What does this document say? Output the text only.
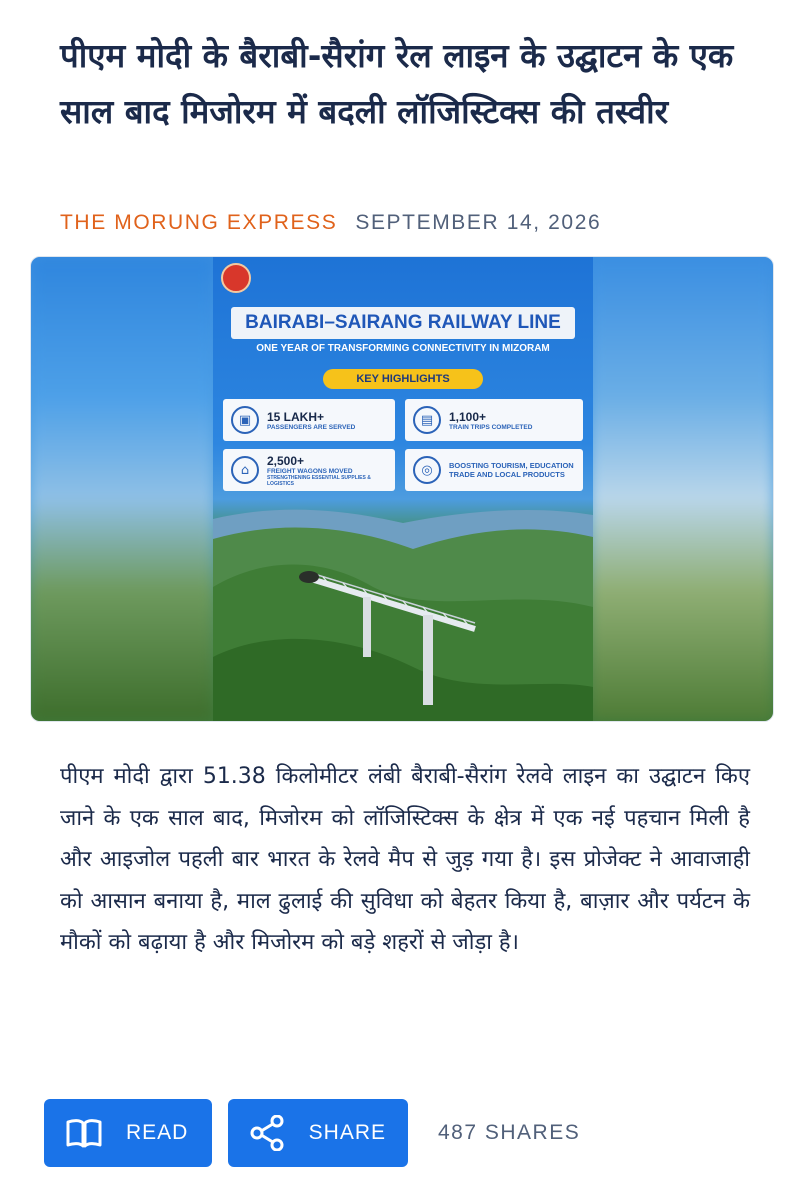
पीएम मोदी के बैराबी-सैरांग रेल लाइन के उद्घाटन के एक साल बाद मिजोरम में बदली लॉजिस्टिक्स की तस्वीर
THE MORUNG EXPRESS SEPTEMBER 14, 2026
BAIRABI–SAIRANG RAILWAY LINE
ONE YEAR OF TRANSFORMING CONNECTIVITY IN MIZORAM
KEY HIGHLIGHTS
▣	15 LAKH+
PASSENGERS ARE SERVED	▤	1,100+
TRAIN TRIPS COMPLETED
⌂
2,500+
FREIGHT WAGONS MOVED
STRENGTHENING ESSENTIAL SUPPLIES & LOGISTICS
◎	BOOSTING TOURISM, EDUCATION TRADE AND LOCAL PRODUCTS

पीएम मोदी द्वारा 51.38 किलोमीटर लंबी बैराबी-सैरांग रेलवे लाइन का उद्घाटन किए जाने के एक साल बाद, मिजोरम को लॉजिस्टिक्स के क्षेत्र में एक नई पहचान मिली है और आइजोल पहली बार भारत के रेलवे मैप से जुड़ गया है। इस प्रोजेक्ट ने आवाजाही को आसान बनाया है, माल ढुलाई की सुविधा को बेहतर किया है, बाज़ार और पर्यटन के मौकों को बढ़ाया है और मिजोरम को बड़े शहरों से जोड़ा है।

READ	SHARE 487 SHARES
